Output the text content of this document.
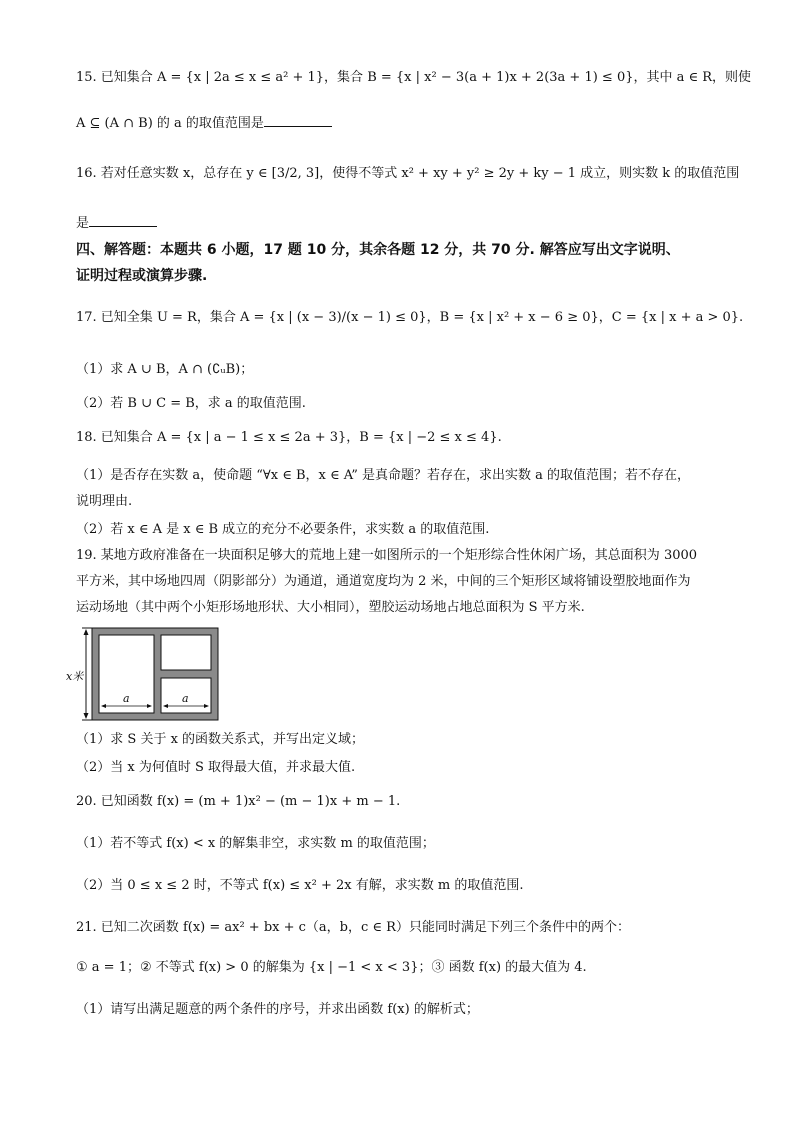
15. 已知集合 A = {x | 2a ≤ x ≤ a² + 1}，集合 B = {x | x² − 3(a + 1)x + 2(3a + 1) ≤ 0}，其中 a ∈ R，则使
A ⊆ (A ∩ B) 的 a 的取值范围是
16. 若对任意实数 x，总存在 y ∈ [3/2, 3]，使得不等式 x² + xy + y² ≥ 2y + ky − 1 成立，则实数 k 的取值范围
是
四、解答题：本题共 6 小题，17 题 10 分，其余各题 12 分，共 70 分. 解答应写出文字说明、
证明过程或演算步骤.
17. 已知全集 U = R，集合 A = {x | (x − 3)/(x − 1) ≤ 0}，B = {x | x² + x − 6 ≥ 0}，C = {x | x + a > 0}.
（1）求 A ∪ B，A ∩ (∁ᵤB)；
（2）若 B ∪ C = B，求 a 的取值范围.
18. 已知集合 A = {x | a − 1 ≤ x ≤ 2a + 3}，B = {x | −2 ≤ x ≤ 4}.
（1）是否存在实数 a，使命题 “∀x ∈ B，x ∈ A” 是真命题？若存在，求出实数 a 的取值范围；若不存在，
说明理由.
（2）若 x ∈ A 是 x ∈ B 成立的充分不必要条件，求实数 a 的取值范围.
19. 某地方政府准备在一块面积足够大的荒地上建一如图所示的一个矩形综合性休闲广场，其总面积为 3000
平方米，其中场地四周（阴影部分）为通道，通道宽度均为 2 米，中间的三个矩形区域将铺设塑胶地面作为
运动场地（其中两个小矩形场地形状、大小相同），塑胶运动场地占地总面积为 S 平方米.
x米
a	a
（1）求 S 关于 x 的函数关系式，并写出定义域；
（2）当 x 为何值时 S 取得最大值，并求最大值.
20. 已知函数 f(x) = (m + 1)x² − (m − 1)x + m − 1.
（1）若不等式 f(x) < x 的解集非空，求实数 m 的取值范围；
（2）当 0 ≤ x ≤ 2 时，不等式 f(x) ≤ x² + 2x 有解，求实数 m 的取值范围.
21. 已知二次函数 f(x) = ax² + bx + c（a，b，c ∈ R）只能同时满足下列三个条件中的两个：
① a = 1；② 不等式 f(x) > 0 的解集为 {x | −1 < x < 3}；③ 函数 f(x) 的最大值为 4.
（1）请写出满足题意的两个条件的序号，并求出函数 f(x) 的解析式；
